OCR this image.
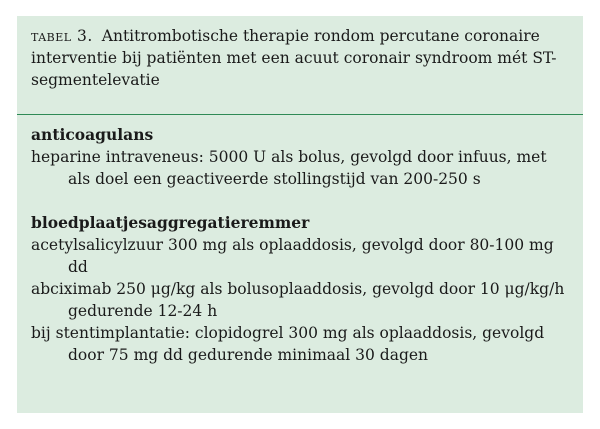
tabel 3. Antitrombotische therapie rondom percutane coronaire interventie bij patiënten met een acuut coronair syndroom mét ST-segmentelevatie
anticoagulans
heparine intraveneus: 5000 U als bolus, gevolgd door infuus, met als doel een geactiveerde stollingstijd van 200-250 s
bloedplaatjesaggregatieremmer
acetylsalicylzuur 300 mg als oplaaddosis, gevolgd door 80-100 mg dd
abciximab 250 μg/kg als bolusoplaaddosis, gevolgd door 10 μg/kg/h gedurende 12-24 h
bij stentimplantatie: clopidogrel 300 mg als oplaaddosis, gevolgd door 75 mg dd gedurende minimaal 30 dagen
